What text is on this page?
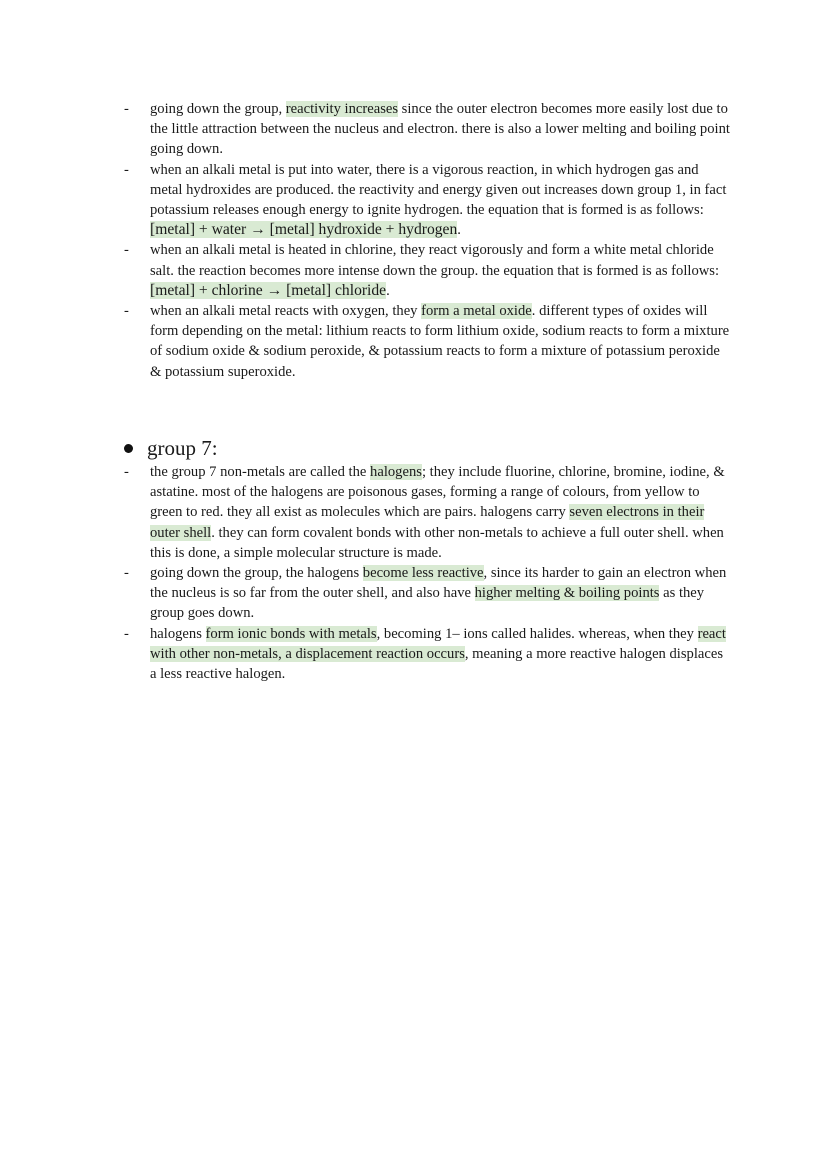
- going down the group, reactivity increases since the outer electron becomes more easily lost due to the little attraction between the nucleus and electron. there is also a lower melting and boiling point going down.
- when an alkali metal is put into water, there is a vigorous reaction, in which hydrogen gas and metal hydroxides are produced. the reactivity and energy given out increases down group 1, in fact potassium releases enough energy to ignite hydrogen. the equation that is formed is as follows: [metal] + water → [metal] hydroxide + hydrogen.
- when an alkali metal is heated in chlorine, they react vigorously and form a white metal chloride salt. the reaction becomes more intense down the group. the equation that is formed is as follows: [metal] + chlorine → [metal] chloride.
- when an alkali metal reacts with oxygen, they form a metal oxide. different types of oxides will form depending on the metal: lithium reacts to form lithium oxide, sodium reacts to form a mixture of sodium oxide & sodium peroxide, & potassium reacts to form a mixture of potassium peroxide & potassium superoxide.
group 7:
- the group 7 non-metals are called the halogens; they include fluorine, chlorine, bromine, iodine, & astatine. most of the halogens are poisonous gases, forming a range of colours, from yellow to green to red. they all exist as molecules which are pairs. halogens carry seven electrons in their outer shell. they can form covalent bonds with other non-metals to achieve a full outer shell. when this is done, a simple molecular structure is made.
- going down the group, the halogens become less reactive, since its harder to gain an electron when the nucleus is so far from the outer shell, and also have higher melting & boiling points as they group goes down.
- halogens form ionic bonds with metals, becoming 1– ions called halides. whereas, when they react with other non-metals, a displacement reaction occurs, meaning a more reactive halogen displaces a less reactive halogen.
